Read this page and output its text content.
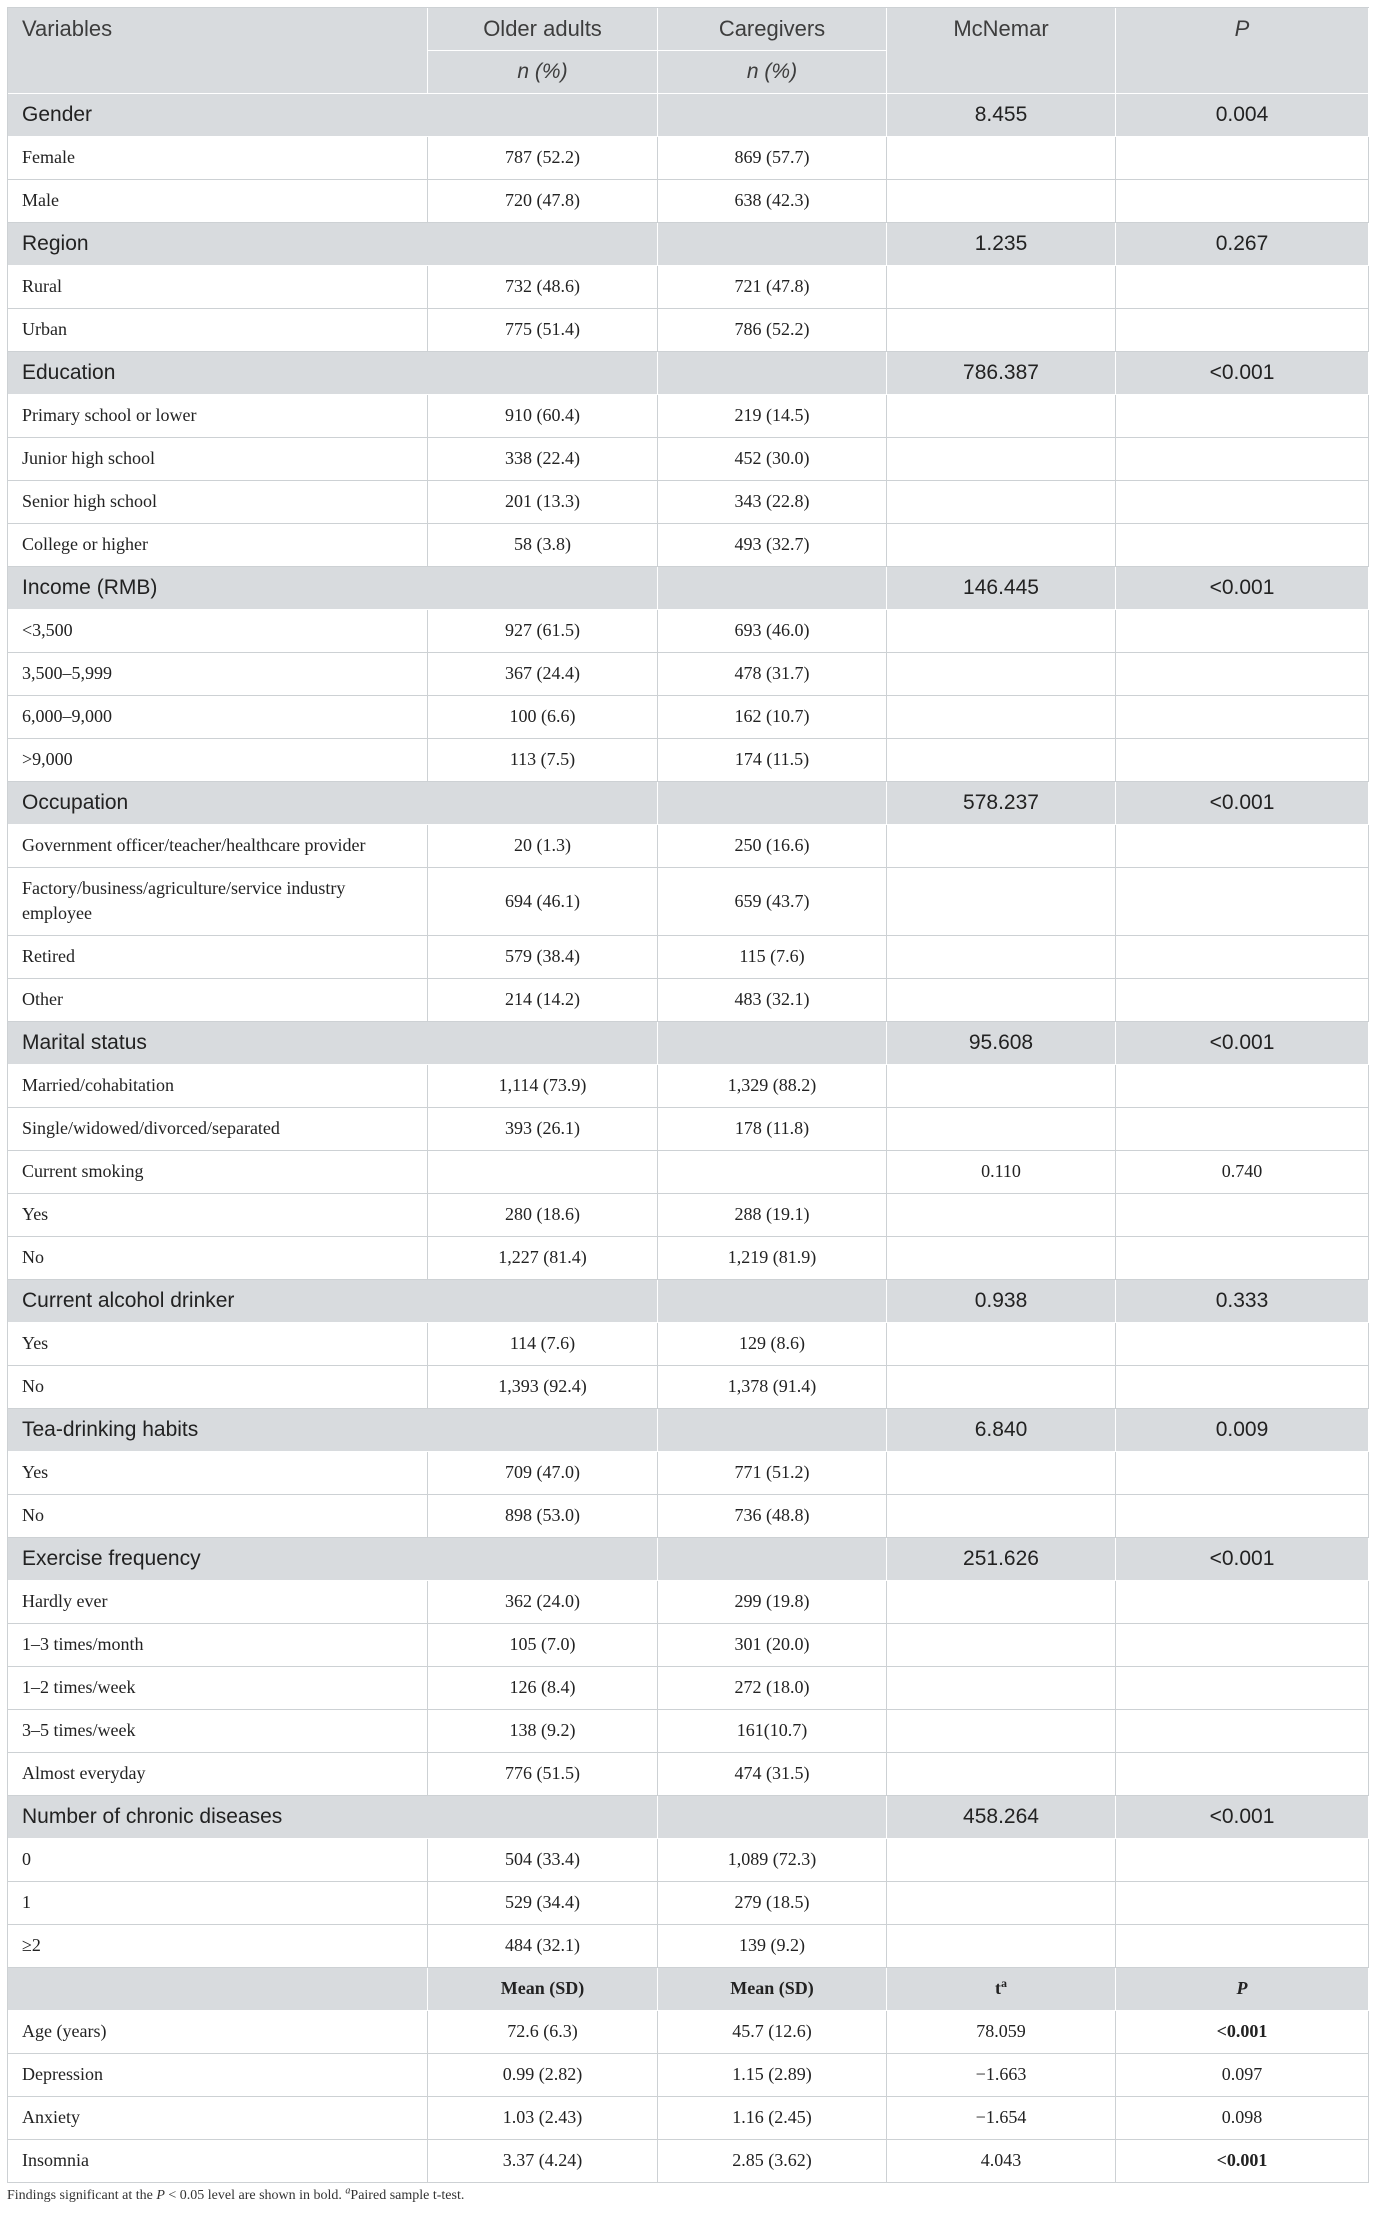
Variables	Older adults	Caregivers	McNemar	P
	n (%)	n (%)		
Gender			8.455	0.004
Female	787 (52.2)	869 (57.7)		
Male	720 (47.8)	638 (42.3)		
Region			1.235	0.267
Rural	732 (48.6)	721 (47.8)		
Urban	775 (51.4)	786 (52.2)		
Education			786.387	<0.001
Primary school or lower	910 (60.4)	219 (14.5)		
Junior high school	338 (22.4)	452 (30.0)		
Senior high school	201 (13.3)	343 (22.8)		
College or higher	58 (3.8)	493 (32.7)		
Income (RMB)			146.445	<0.001
<3,500	927 (61.5)	693 (46.0)		
3,500–5,999	367 (24.4)	478 (31.7)		
6,000–9,000	100 (6.6)	162 (10.7)		
>9,000	113 (7.5)	174 (11.5)		
Occupation			578.237	<0.001
Government officer/teacher/healthcare provider	20 (1.3)	250 (16.6)		
Factory/business/agriculture/service industry employee	694 (46.1)	659 (43.7)		
Retired	579 (38.4)	115 (7.6)		
Other	214 (14.2)	483 (32.1)		
Marital status			95.608	<0.001
Married/cohabitation	1,114 (73.9)	1,329 (88.2)		
Single/widowed/divorced/separated	393 (26.1)	178 (11.8)		
Current smoking			0.110	0.740
Yes	280 (18.6)	288 (19.1)		
No	1,227 (81.4)	1,219 (81.9)		
Current alcohol drinker			0.938	0.333
Yes	114 (7.6)	129 (8.6)		
No	1,393 (92.4)	1,378 (91.4)		
Tea-drinking habits			6.840	0.009
Yes	709 (47.0)	771 (51.2)		
No	898 (53.0)	736 (48.8)		
Exercise frequency			251.626	<0.001
Hardly ever	362 (24.0)	299 (19.8)		
1–3 times/month	105 (7.0)	301 (20.0)		
1–2 times/week	126 (8.4)	272 (18.0)		
3–5 times/week	138 (9.2)	161(10.7)		
Almost everyday	776 (51.5)	474 (31.5)		
Number of chronic diseases			458.264	<0.001
0	504 (33.4)	1,089 (72.3)		
1	529 (34.4)	279 (18.5)		
≥2	484 (32.1)	139 (9.2)		
	Mean (SD)	Mean (SD)	$t^a$	P
Age (years)	72.6 (6.3)	45.7 (12.6)	78.059	<0.001
Depression	0.99 (2.82)	1.15 (2.89)	−1.663	0.097
Anxiety	1.03 (2.43)	1.16 (2.45)	−1.654	0.098
Insomnia	3.37 (4.24)	2.85 (3.62)	4.043	<0.001
Findings significant at the P < 0.05 level are shown in bold. $^a$Paired sample t-test.
